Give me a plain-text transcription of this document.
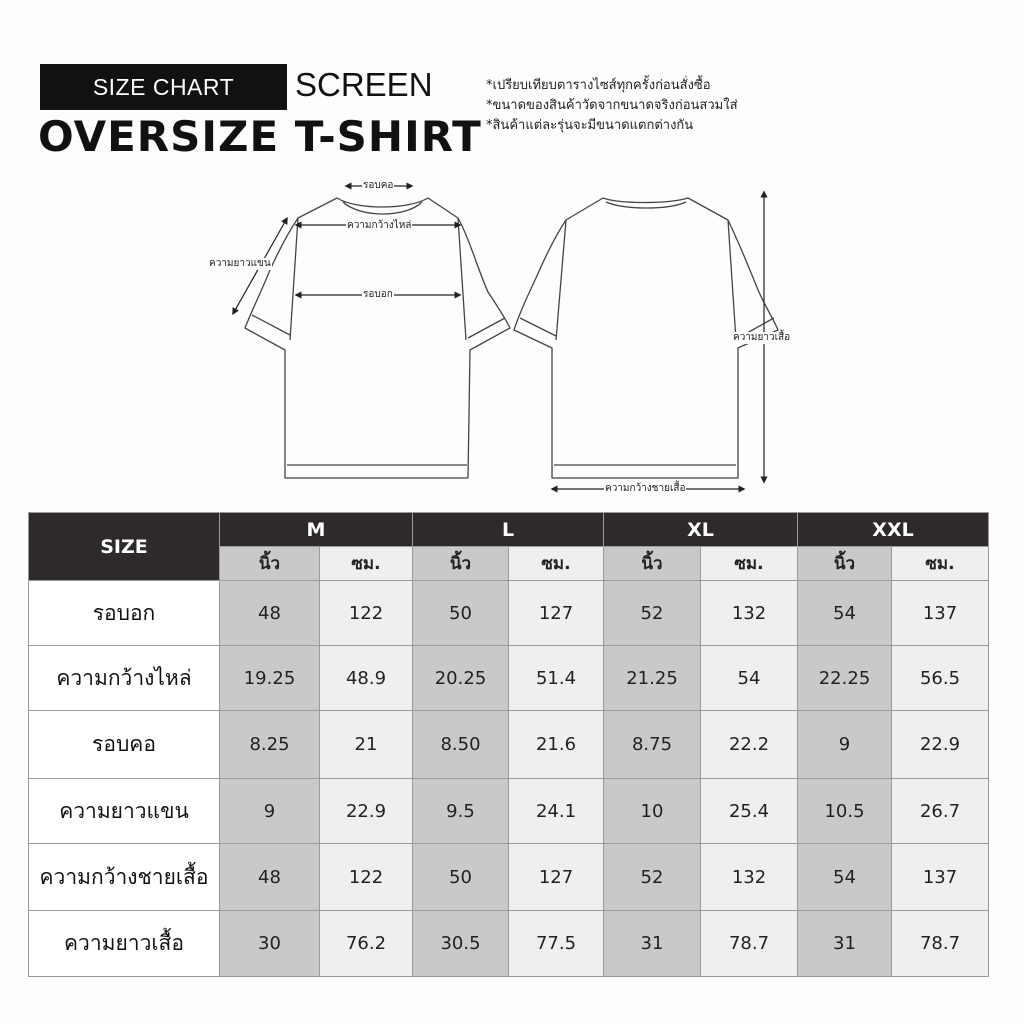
SIZE CHART SCREEN
OVERSIZE T-SHIRT
*เปรียบเทียบตารางไซส์ทุกครั้งก่อนสั่งซื้อ
*ขนาดของสินค้าวัดจากขนาดจริงก่อนสวมใส่
*สินค้าแต่ละรุ่นจะมีขนาดแตกต่างกัน
รอบคอ
ความกว้างไหล่
รอบอก
ความยาวแขน
ความยาวเสื้อ
ความกว้างชายเสื้อ
SIZE	M		L		XL		XXL	
	นิ้ว	ซม.	นิ้ว	ซม.	นิ้ว	ซม.	นิ้ว	ซม.
รอบอก	48	122	50	127	52	132	54	137
ความกว้างไหล่	19.25	48.9	20.25	51.4	21.25	54	22.25	56.5
รอบคอ	8.25	21	8.50	21.6	8.75	22.2	9	22.9
ความยาวแขน	9	22.9	9.5	24.1	10	25.4	10.5	26.7
ความกว้างชายเสื้อ	48	122	50	127	52	132	54	137
ความยาวเสื้อ	30	76.2	30.5	77.5	31	78.7	31	78.7
